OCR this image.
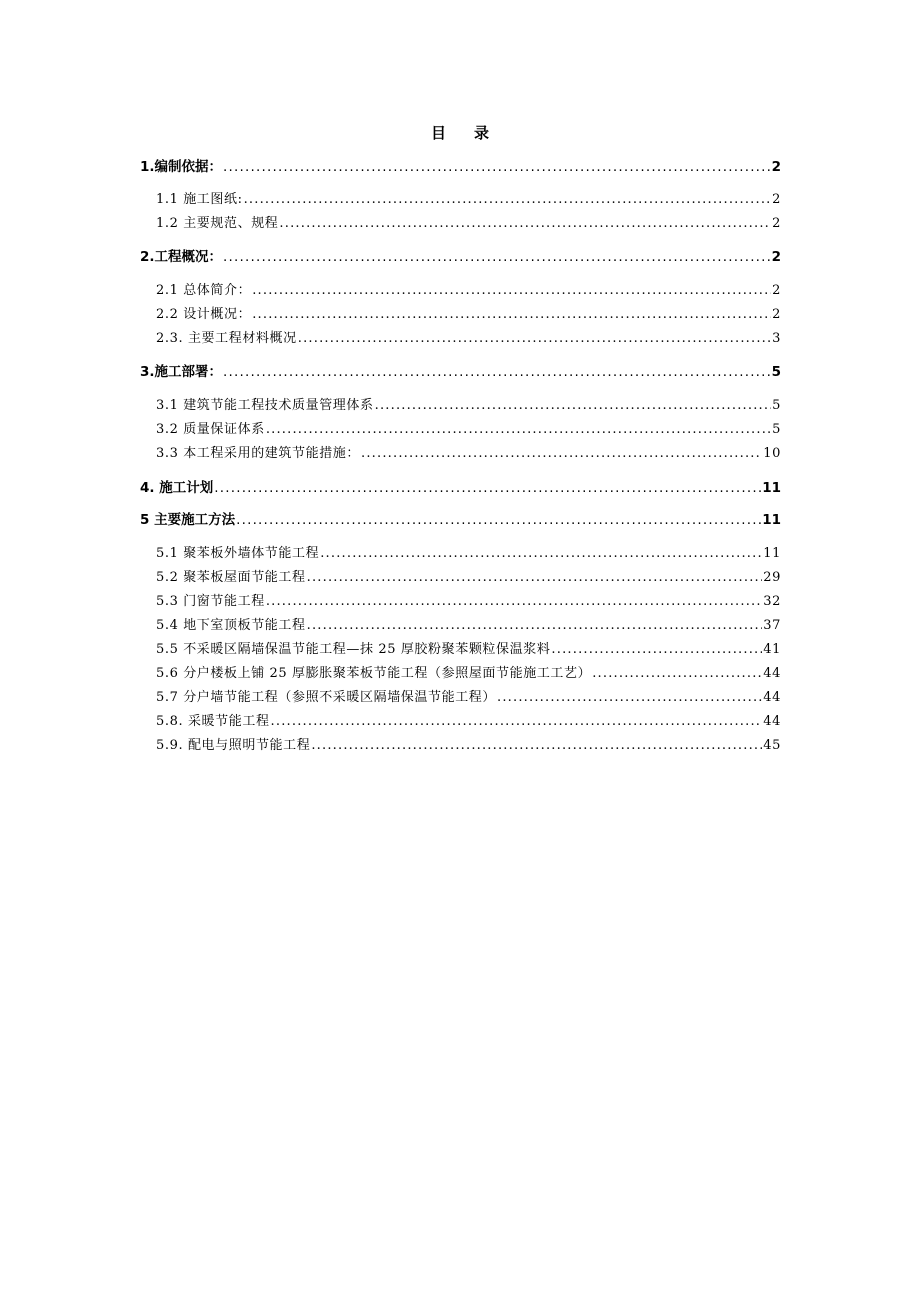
目 录
1.编制依据： .....	2
1.1 施工图纸: .....	2
1.2 主要规范、规程 .....	2
2.工程概况： .....	2
2.1 总体简介： .....	2
2.2 设计概况： .....	2
2.3. 主要工程材料概况 .....	3
3.施工部署： .....	5
3.1 建筑节能工程技术质量管理体系 .....	5
3.2 质量保证体系 .....	5
3.3 本工程采用的建筑节能措施： .....	10
4. 施工计划 .....	11
5 主要施工方法 .....	11
5.1 聚苯板外墙体节能工程 .....	11
5.2 聚苯板屋面节能工程 .....	29
5.3 门窗节能工程 .....	32
5.4 地下室顶板节能工程 .....	37
5.5 不采暖区隔墙保温节能工程—抹 25 厚胶粉聚苯颗粒保温浆料 .....	41
5.6 分户楼板上铺 25 厚膨胀聚苯板节能工程（参照屋面节能施工工艺） .....	44
5.7 分户墙节能工程（参照不采暖区隔墙保温节能工程） .....	44
5.8. 采暖节能工程 .....	44
5.9. 配电与照明节能工程 .....	45
